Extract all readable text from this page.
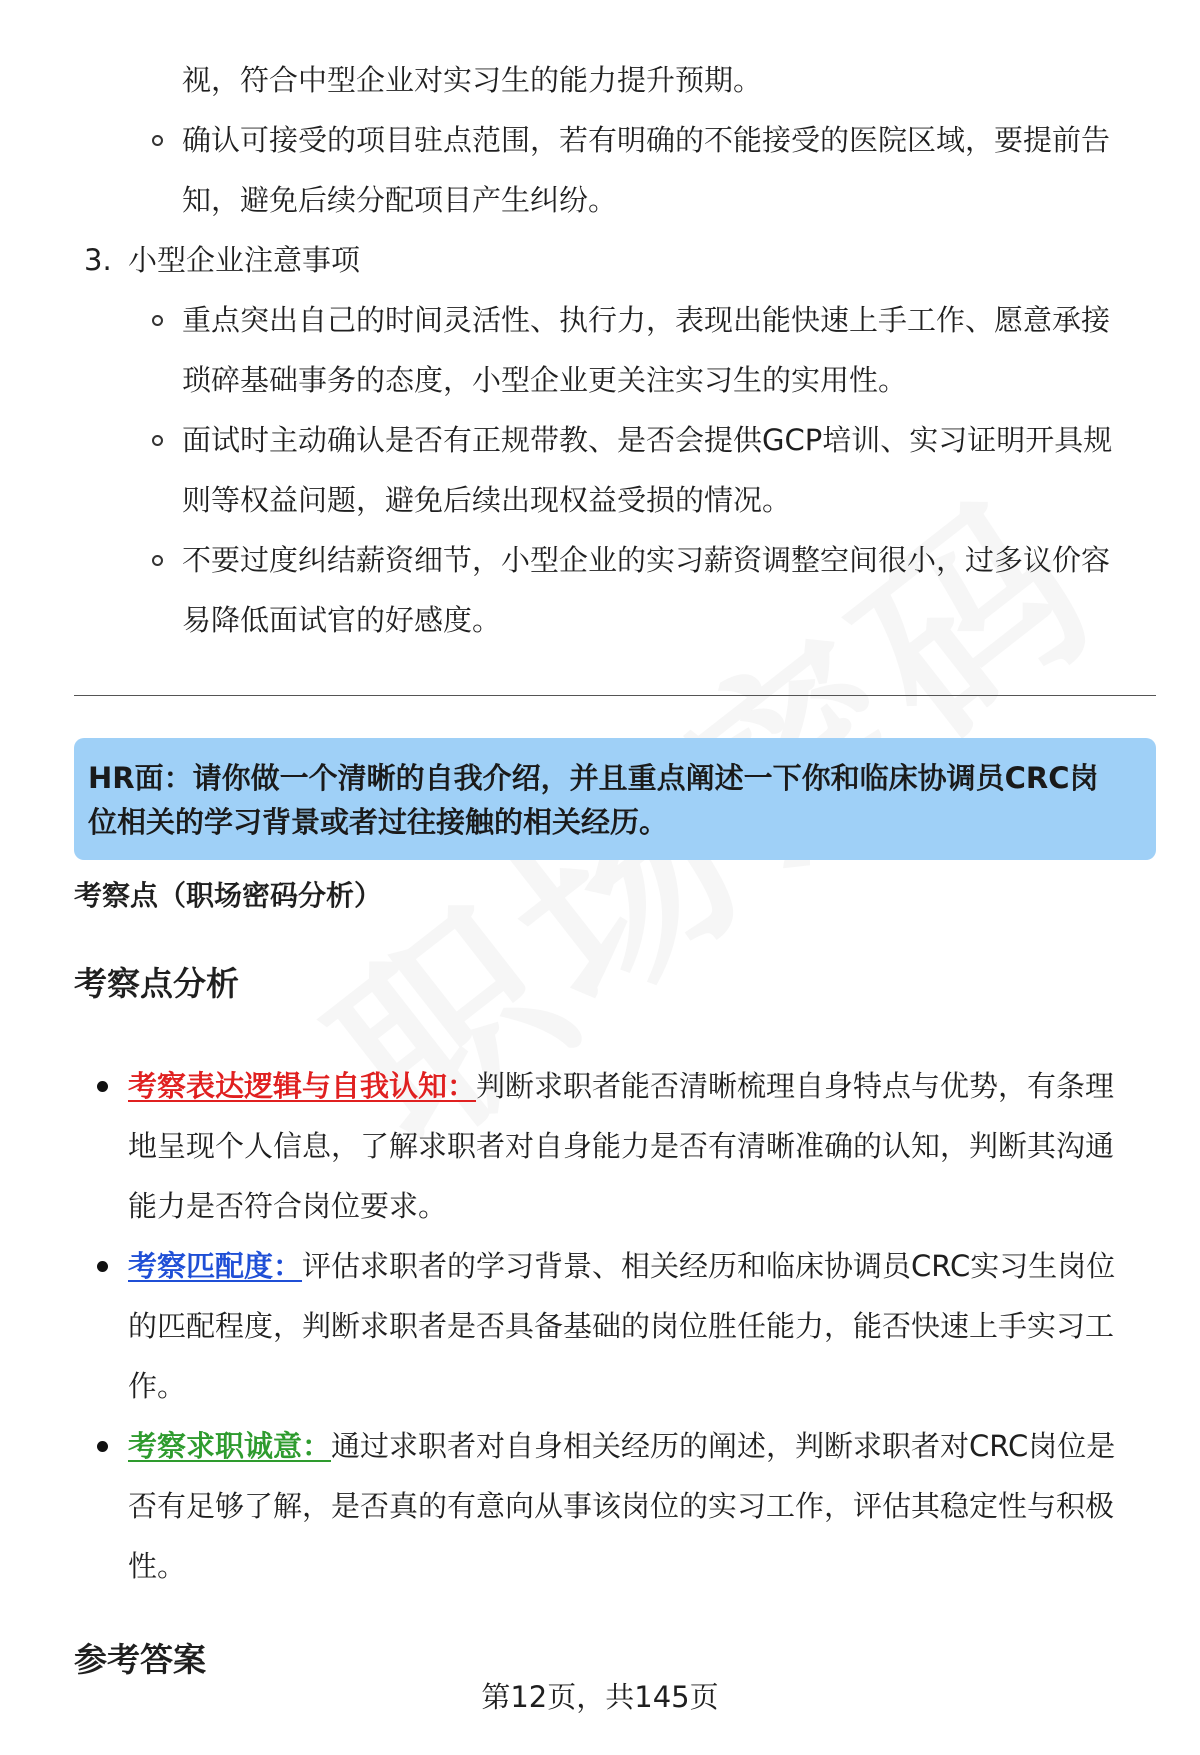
视，符合中型企业对实习生的能力提升预期。
确认可接受的项目驻点范围，若有明确的不能接受的医院区域，要提前告
知，避免后续分配项目产生纠纷。
3. 小型企业注意事项
重点突出自己的时间灵活性、执行力，表现出能快速上手工作、愿意承接
琐碎基础事务的态度，小型企业更关注实习生的实用性。
面试时主动确认是否有正规带教、是否会提供GCP培训、实习证明开具规
则等权益问题，避免后续出现权益受损的情况。
不要过度纠结薪资细节，小型企业的实习薪资调整空间很小，过多议价容
易降低面试官的好感度。
HR面：请你做一个清晰的自我介绍，并且重点阐述一下你和临床协调员CRC岗
位相关的学习背景或者过往接触的相关经历。
考察点（职场密码分析）
考察点分析
考察表达逻辑与自我认知：判断求职者能否清晰梳理自身特点与优势，有条理
地呈现个人信息，了解求职者对自身能力是否有清晰准确的认知，判断其沟通
能力是否符合岗位要求。
考察匹配度：评估求职者的学习背景、相关经历和临床协调员CRC实习生岗位
的匹配程度，判断求职者是否具备基础的岗位胜任能力，能否快速上手实习工
作。
考察求职诚意：通过求职者对自身相关经历的阐述，判断求职者对CRC岗位是
否有足够了解，是否真的有意向从事该岗位的实习工作，评估其稳定性与积极
性。
参考答案
第12页，共145页
